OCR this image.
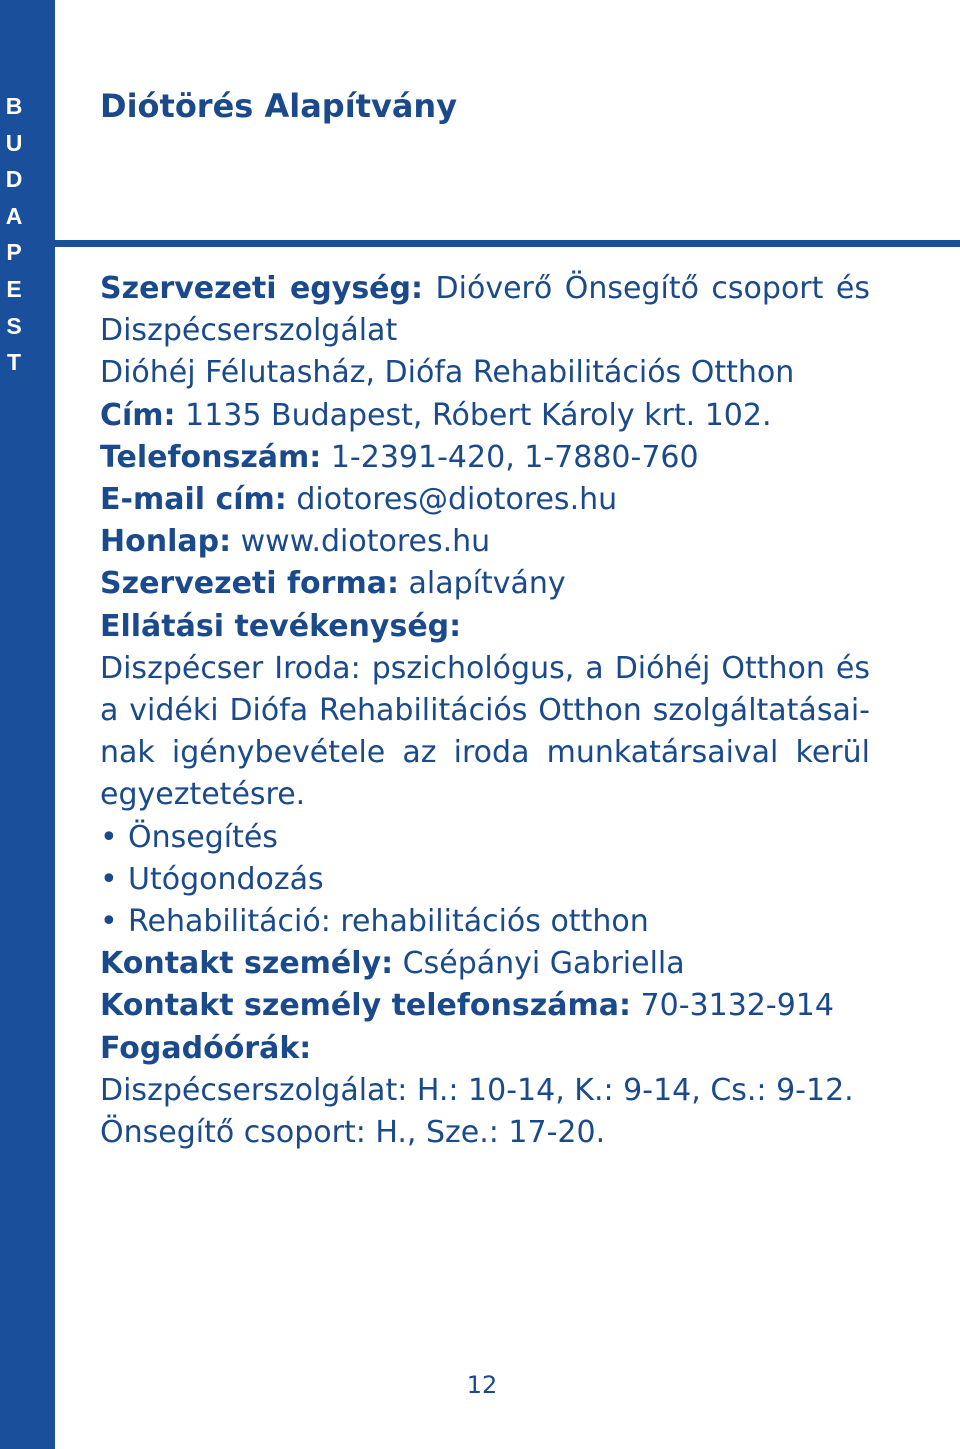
B
U
D
A
P
E
S
T
Diótörés Alapítvány
Szervezeti egység: Dióverő Önsegítő csoport és
Diszpécserszolgálat
Dióhéj Félutasház, Diófa Rehabilitációs Otthon
Cím: 1135 Budapest, Róbert Károly krt. 102.
Telefonszám: 1-2391-420, 1-7880-760
E-mail cím: diotores@diotores.hu
Honlap: www.diotores.hu
Szervezeti forma: alapítvány
Ellátási tevékenység:
Diszpécser Iroda: pszichológus, a Dióhéj Otthon és
a vidéki Diófa Rehabilitációs Otthon szolgáltatásai-
nak igénybevétele az iroda munkatársaival kerül
egyeztetésre.
• Önsegítés
• Utógondozás
• Rehabilitáció: rehabilitációs otthon
Kontakt személy: Csépányi Gabriella
Kontakt személy telefonszáma: 70-3132-914
Fogadóórák:
Diszpécserszolgálat: H.: 10-14, K.: 9-14, Cs.: 9-12.
Önsegítő csoport: H., Sze.: 17-20.
12
